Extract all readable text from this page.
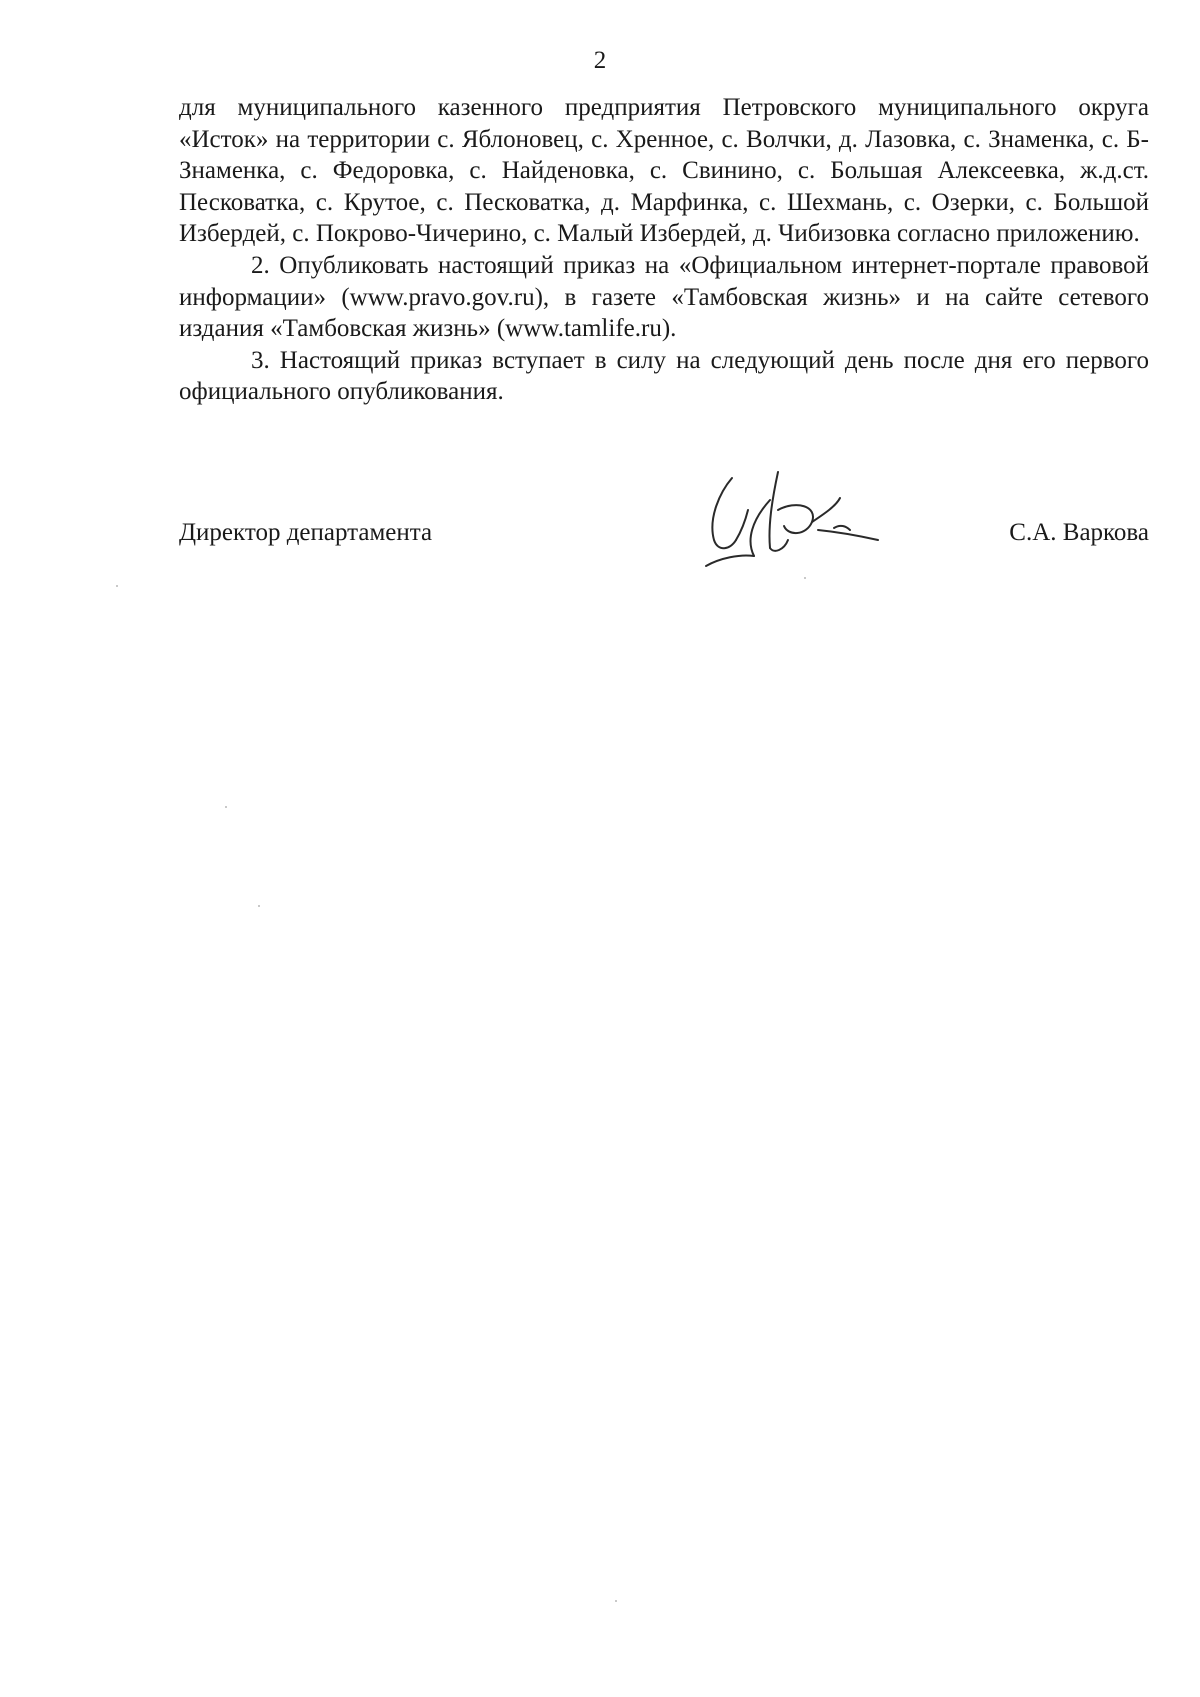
2

для муниципального казенного предприятия Петровского муниципального округа «Исток» на территории с. Яблоновец, с. Хренное, с. Волчки, д. Лазовка, с. Знаменка, с. Б-Знаменка, с. Федоровка, с. Найденовка, с. Свинино, с. Большая Алексеевка, ж.д.ст. Песковатка, с. Крутое, с. Песковатка, д. Марфинка, с. Шехмань, с. Озерки, с. Большой Избердей, с. Покрово-Чичерино, с. Малый Избердей, д. Чибизовка согласно приложению.

2. Опубликовать настоящий приказ на «Официальном интернет-портале правовой информации» (www.pravo.gov.ru), в газете «Тамбовская жизнь» и на сайте сетевого издания «Тамбовская жизнь» (www.tamlife.ru).

3. Настоящий приказ вступает в силу на следующий день после дня его первого официального опубликования.

Директор департамента	С.А. Варкова
